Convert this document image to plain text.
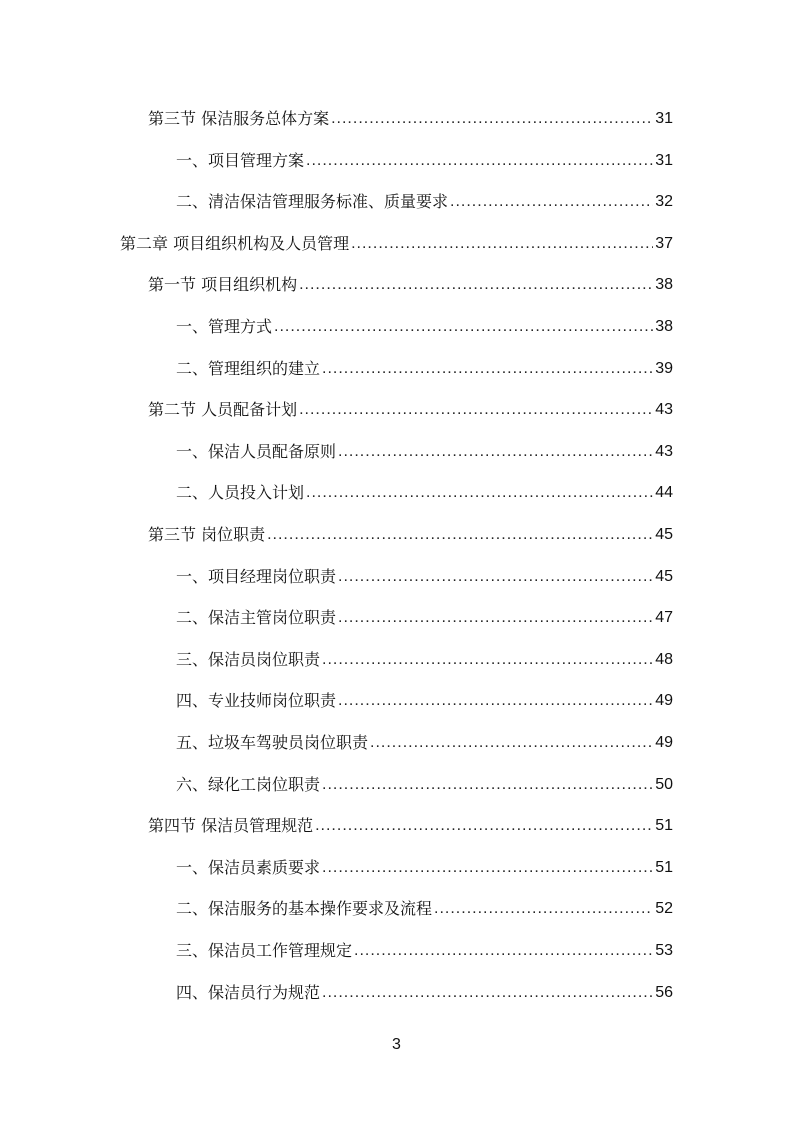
第三节 保洁服务总体方案 .....	31
一、项目管理方案 .....	31
二、清洁保洁管理服务标准、质量要求 .....	32
第二章 项目组织机构及人员管理 .....	37
第一节 项目组织机构 .....	38
一、管理方式 .....	38
二、管理组织的建立 .....	39
第二节 人员配备计划 .....	43
一、保洁人员配备原则 .....	43
二、人员投入计划 .....	44
第三节 岗位职责 .....	45
一、项目经理岗位职责 .....	45
二、保洁主管岗位职责 .....	47
三、保洁员岗位职责 .....	48
四、专业技师岗位职责 .....	49
五、垃圾车驾驶员岗位职责 .....	49
六、绿化工岗位职责 .....	50
第四节 保洁员管理规范 .....	51
一、保洁员素质要求 .....	51
二、保洁服务的基本操作要求及流程 .....	52
三、保洁员工作管理规定 .....	53
四、保洁员行为规范 .....	56
3
